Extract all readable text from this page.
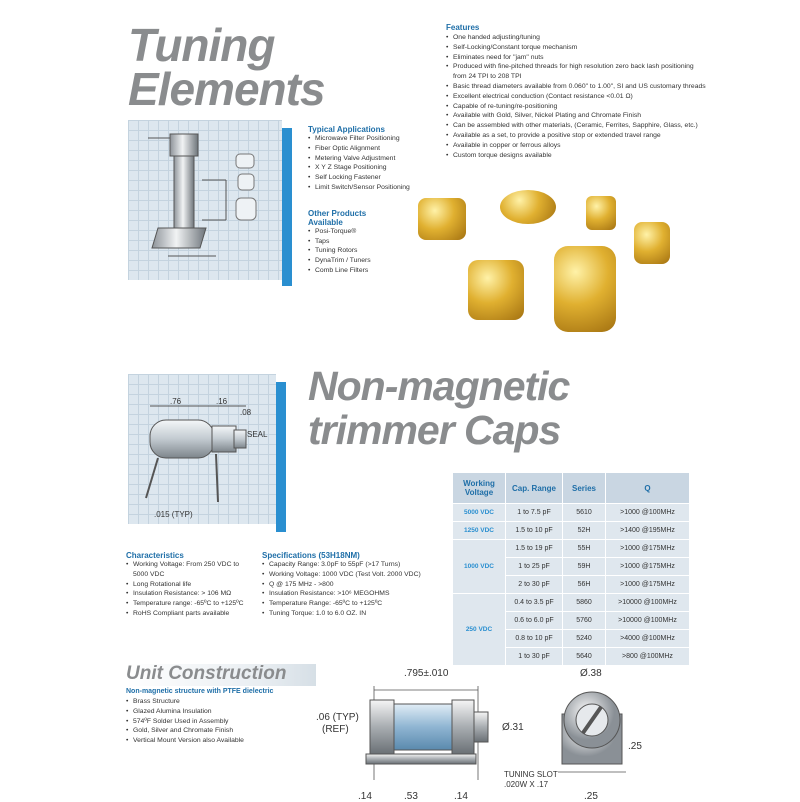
Tuning
Elements
Features
• One handed adjusting/tuning
• Self-Locking/Constant torque mechanism
• Eliminates need for "jam" nuts
• Produced with fine-pitched threads for high resolution zero back lash positioning from 24 TPI to 208 TPI
• Basic thread diameters available from 0.060" to 1.00", SI and US customary threads
• Excellent electrical conduction (Contact resistance <0.01 Ω)
• Capable of re-tuning/re-positioning
• Available with Gold, Silver, Nickel Plating and Chromate Finish
• Can be assembled with other materials, (Ceramic, Ferrites, Sapphire, Glass, etc.)
• Available as a set, to provide a positive stop or extended travel range
• Available in copper or ferrous alloys
• Custom torque designs available
Typical Applications
• Microwave Filter Positioning
• Fiber Optic Alignment
• Metering Valve Adjustment
• X Y Z Stage Positioning
• Self Locking Fastener
• Limit Switch/Sensor Positioning
Other Products
Available
• Posi-Torque®
• Taps
• Tuning Rotors
• DynaTrim / Tuners
• Comb Line Filters
.76	.16
.08
SEAL
.015 (TYP)
Non-magnetic
trimmer Caps
Working Voltage	Cap. Range	Series	Q
5000 VDC	1 to 7.5 pF	5610	>1000 @100MHz
1250 VDC	1.5 to 10 pF	52H	>1400 @195MHz
1000 VDC	1.5 to 19 pF	55H	>1000 @175MHz
	1 to 25 pF	59H	>1000 @175MHz
	2 to 30 pF	56H	>1000 @175MHz
250 VDC	0.4 to 3.5 pF	5860	>10000 @100MHz
	0.6 to 6.0 pF	5760	>10000 @100MHz
	0.8 to 10 pF	5240	>4000 @100MHz
	1 to 30 pF	5640	>800 @100MHz
Characteristics
• Working Voltage: From 250 VDC to 5000 VDC
• Long Rotational life
• Insulation Resistance: > 106 MΩ
• Temperature range: -65ºC to +125ºC
• RoHS Compliant parts available
Specifications (53H18NM)
• Capacity Range: 3.0pF to 55pF (>17 Turns)
• Working Voltage: 1000 VDC (Test Volt. 2000 VDC)
• Q @ 175 MHz - >800
• Insulation Resistance: >10⁶ MEGOHMS
• Temperature Range: -65ºC to +125ºC
• Tuning Torque: 1.0 to 6.0 OZ. IN
Unit Construction
Non-magnetic structure with PTFE dielectric
• Brass Structure
• Glazed Alumina Insulation
• 574ºF Solder Used in Assembly
• Gold, Silver and Chromate Finish
• Vertical Mount Version also Available
.795±.010
.06 (TYP)
(REF)	Ø.31
.14	.53	.14
Ø.38
.25
.25
TUNING SLOT
.020W X .17
